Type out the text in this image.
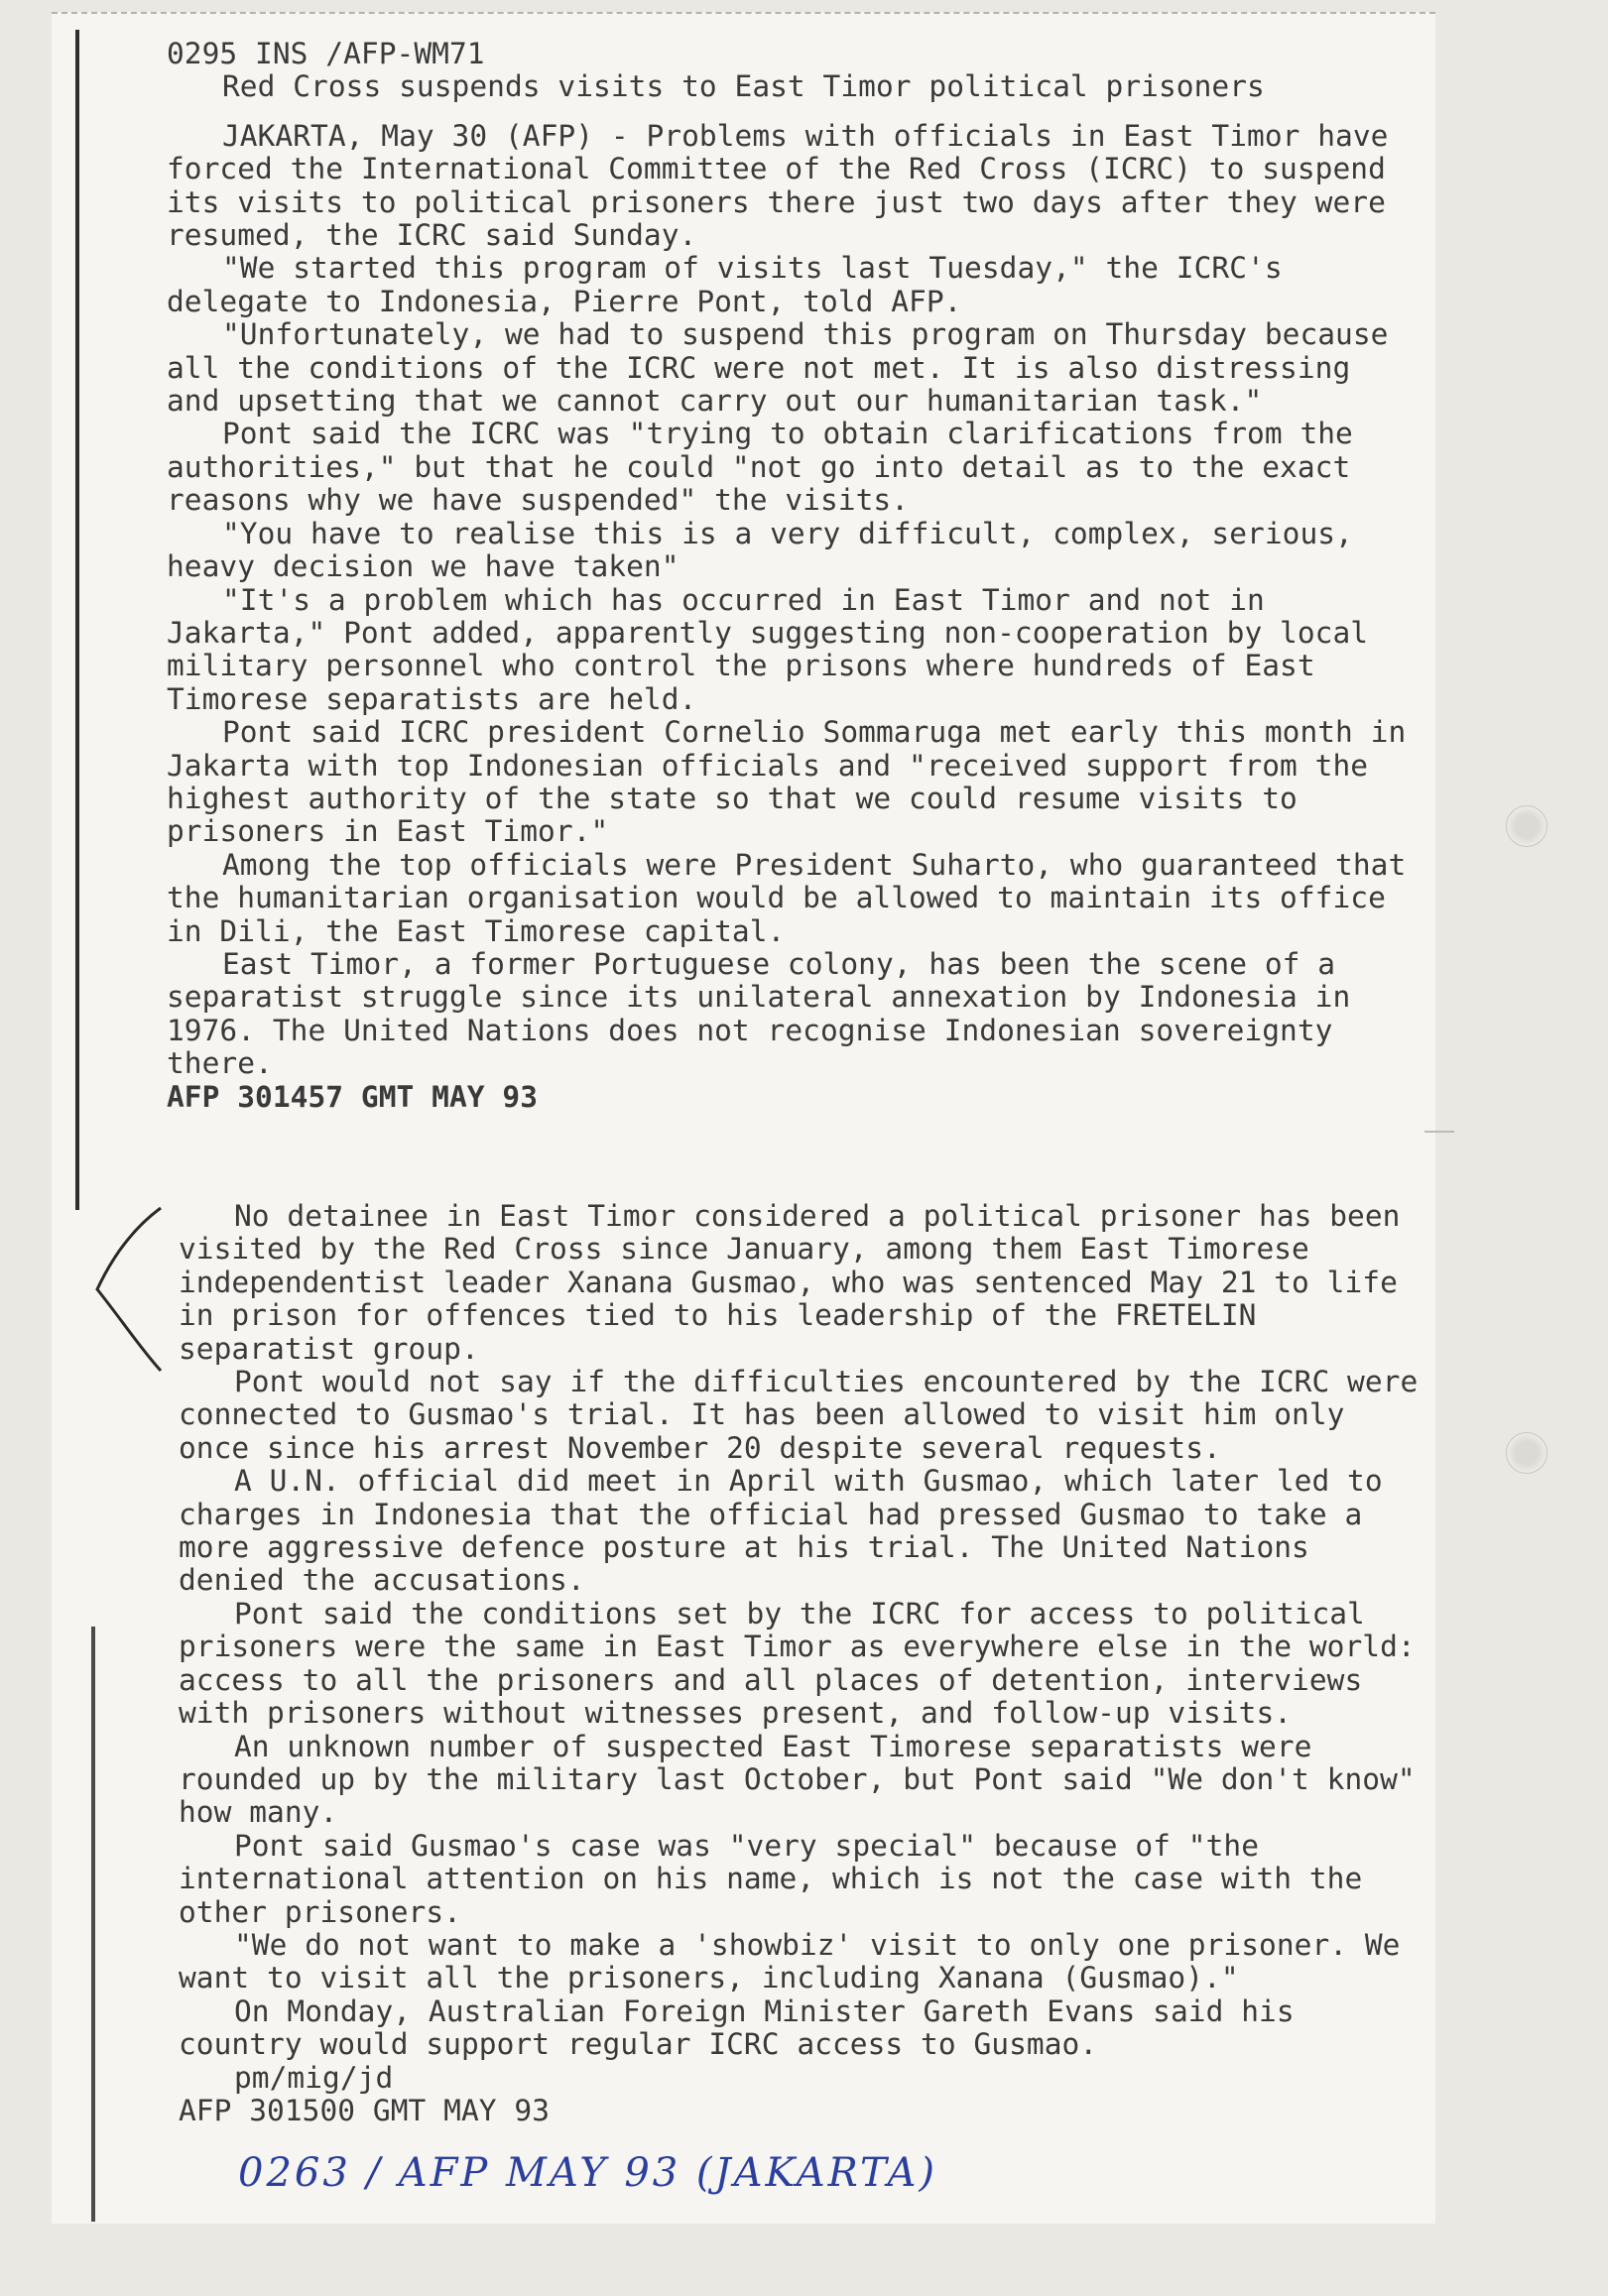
0295 INS /AFP-WM71

Red Cross suspends visits to East Timor political prisoners

JAKARTA, May 30 (AFP) - Problems with officials in East Timor have forced the International Committee of the Red Cross (ICRC) to suspend its visits to political prisoners there just two days after they were resumed, the ICRC said Sunday.

"We started this program of visits last Tuesday," the ICRC's delegate to Indonesia, Pierre Pont, told AFP.

"Unfortunately, we had to suspend this program on Thursday because all the conditions of the ICRC were not met. It is also distressing and upsetting that we cannot carry out our humanitarian task."

Pont said the ICRC was "trying to obtain clarifications from the authorities," but that he could "not go into detail as to the exact reasons why we have suspended" the visits.

"You have to realise this is a very difficult, complex, serious, heavy decision we have taken"

"It's a problem which has occurred in East Timor and not in Jakarta," Pont added, apparently suggesting non-cooperation by local military personnel who control the prisons where hundreds of East Timorese separatists are held.

Pont said ICRC president Cornelio Sommaruga met early this month in Jakarta with top Indonesian officials and "received support from the highest authority of the state so that we could resume visits to prisoners in East Timor."

Among the top officials were President Suharto, who guaranteed that the humanitarian organisation would be allowed to maintain its office in Dili, the East Timorese capital.

East Timor, a former Portuguese colony, has been the scene of a separatist struggle since its unilateral annexation by Indonesia in 1976. The United Nations does not recognise Indonesian sovereignty there.

AFP 301457 GMT MAY 93

No detainee in East Timor considered a political prisoner has been visited by the Red Cross since January, among them East Timorese independentist leader Xanana Gusmao, who was sentenced May 21 to life in prison for offences tied to his leadership of the FRETELIN separatist group.

Pont would not say if the difficulties encountered by the ICRC were connected to Gusmao's trial. It has been allowed to visit him only once since his arrest November 20 despite several requests.

A U.N. official did meet in April with Gusmao, which later led to charges in Indonesia that the official had pressed Gusmao to take a more aggressive defence posture at his trial. The United Nations denied the accusations.

Pont said the conditions set by the ICRC for access to political prisoners were the same in East Timor as everywhere else in the world: access to all the prisoners and all places of detention, interviews with prisoners without witnesses present, and follow-up visits.

An unknown number of suspected East Timorese separatists were rounded up by the military last October, but Pont said "We don't know" how many.

Pont said Gusmao's case was "very special" because of "the international attention on his name, which is not the case with the other prisoners.

"We do not want to make a 'showbiz' visit to only one prisoner. We want to visit all the prisoners, including Xanana (Gusmao)."

On Monday, Australian Foreign Minister Gareth Evans said his country would support regular ICRC access to Gusmao.

pm/mig/jd

AFP 301500 GMT MAY 93

0263 / AFP MAY 93 (JAKARTA)
